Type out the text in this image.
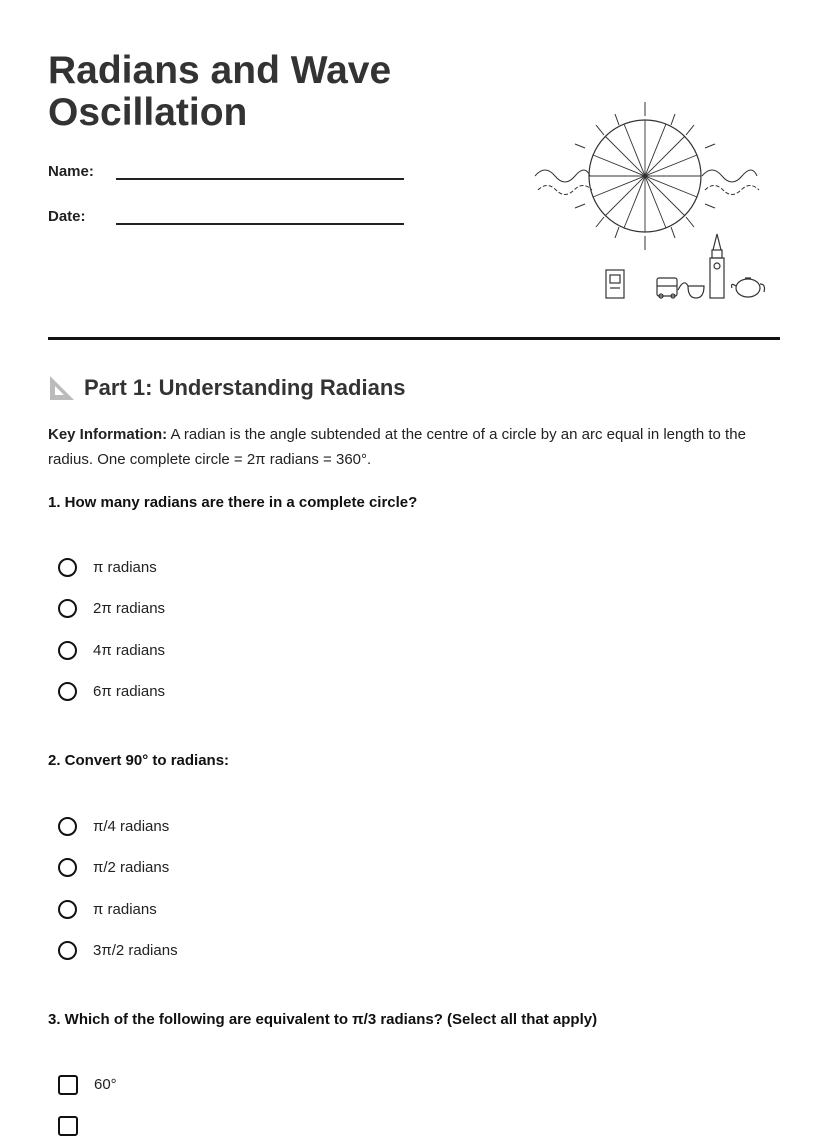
Radians and Wave Oscillation
Name:
Date:
Part 1: Understanding Radians
Key Information: A radian is the angle subtended at the centre of a circle by an arc equal in length to the radius. One complete circle = 2π radians = 360°.
1. How many radians are there in a complete circle?
π radians
2π radians
4π radians
6π radians
2. Convert 90° to radians:
π/4 radians
π/2 radians
π radians
3π/2 radians
3. Which of the following are equivalent to π/3 radians? (Select all that apply)
60°
